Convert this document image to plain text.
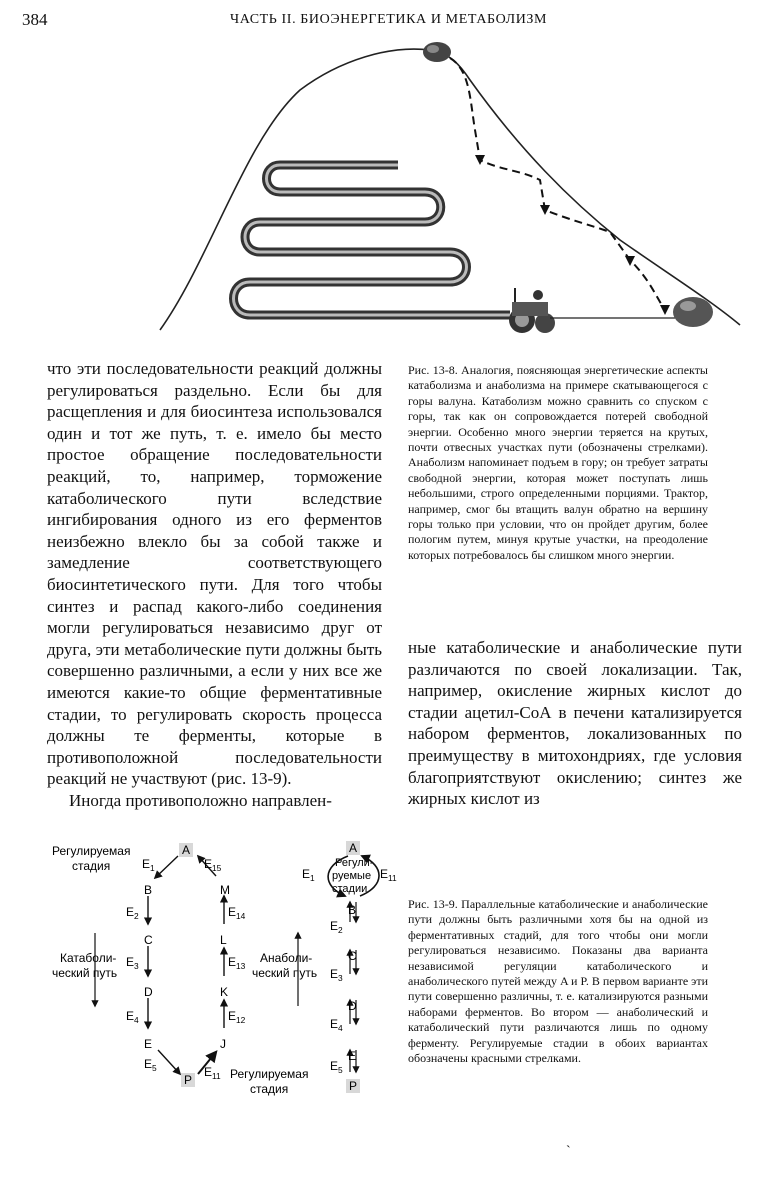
384	ЧАСТЬ II. БИОЭНЕРГЕТИКА И МЕТАБОЛИЗМ

что эти последовательности реакций должны регулироваться раздельно. Если бы для расщепления и для биосинтеза использовался один и тот же путь, т. е. имело бы место простое обращение последовательности реакций, то, например, торможение катаболического пути вследствие ингибирования одного из его ферментов неизбежно влекло бы за собой также и замедление соответствующего биосинтетического пути. Для того чтобы синтез и распад какого-либо соединения могли регулироваться независимо друг от друга, эти метаболические пути должны быть совершенно различными, а если у них все же имеются какие-то общие ферментативные стадии, то регулировать скорость процесса должны те ферменты, которые в противоположной последовательности реакций не участвуют (рис. 13-9).

Иногда противоположно направлен-

Рис. 13-8. Аналогия, поясняющая энергетические аспекты катаболизма и анаболизма на примере скатывающегося с горы валуна. Катаболизм можно сравнить со спуском с горы, так как он сопровождается потерей свободной энергии. Особенно много энергии теряется на крутых, почти отвесных участках пути (обозначены стрелками). Анаболизм напоминает подъем в гору; он требует затраты свободной энергии, которая может поступать лишь небольшими, строго определенными порциями. Трактор, например, смог бы втащить валун обратно на вершину горы только при условии, что он пройдет другим, более пологим путем, минуя крутые участки, на преодоление которых потребовалось бы слишком много энергии.
ные катаболические и анаболические пути различаются по своей локализации. Так, например, окисление жирных кислот до стадии ацетил-СоА в печени катализируется набором ферментов, локализованных по преимуществу в митохондриях, где условия благоприятствуют окислению; синтез же жирных кислот из
Регулируемая
стадия
Катаболи-
ческий путь
Анаболи-
ческий путь
Регулируемая
стадия
Регули-
руемые
стадии
A
B
C
D
E
P
M
L
K
J
$E_1$
$E_2$
$E_3$
$E_4$
$E_5$
$E_{15}$
$E_{14}$
$E_{13}$
$E_{12}$
$E_{11}$
A
B
C
D
E
P
$E_1$	$E_{11}$
$E_2$
$E_3$
$E_4$
$E_5$
Рис. 13-9. Параллельные катаболические и анаболические пути должны быть различными хотя бы на одной из ферментативных стадий, для того чтобы они могли регулироваться независимо. Показаны два варианта независимой регуляции катаболического и анаболического путей между A и P. В первом варианте эти пути совершенно различны, т. е. катализируются разными наборами ферментов. Во втором — анаболический и катаболический пути различаются лишь по одному ферменту. Регулируемые стадии в обоих вариантах обозначены красными стрелками.
˴
